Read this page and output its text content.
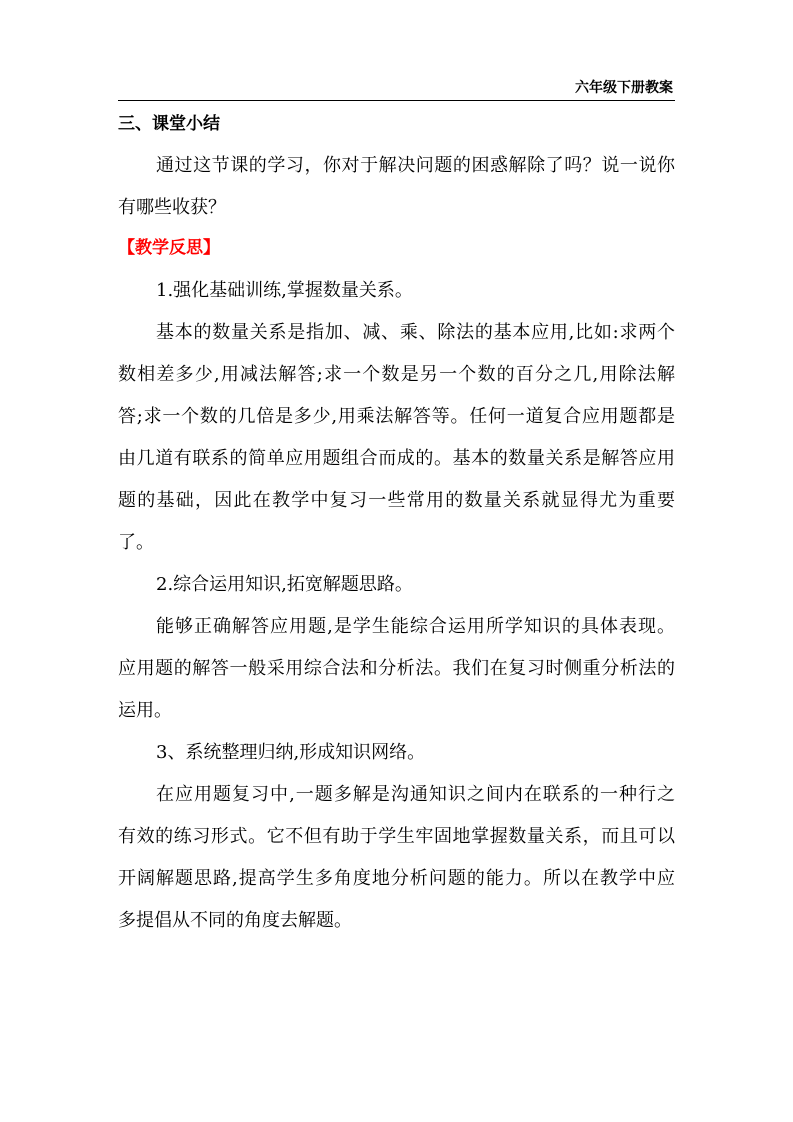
六年级下册教案
三、课堂小结
通过这节课的学习，你对于解决问题的困惑解除了吗？说一说你
有哪些收获？
【教学反思】
1.强化基础训练,掌握数量关系。
基本的数量关系是指加、减、乘、除法的基本应用,比如:求两个
数相差多少,用减法解答;求一个数是另一个数的百分之几,用除法解
答;求一个数的几倍是多少,用乘法解答等。任何一道复合应用题都是
由几道有联系的简单应用题组合而成的。基本的数量关系是解答应用
题的基础，因此在教学中复习一些常用的数量关系就显得尤为重要
了。
2.综合运用知识,拓宽解题思路。
能够正确解答应用题,是学生能综合运用所学知识的具体表现。
应用题的解答一般采用综合法和分析法。我们在复习时侧重分析法的
运用。
3、系统整理归纳,形成知识网络。
在应用题复习中,一题多解是沟通知识之间内在联系的一种行之
有效的练习形式。它不但有助于学生牢固地掌握数量关系，而且可以
开阔解题思路,提高学生多角度地分析问题的能力。所以在教学中应
多提倡从不同的角度去解题。
